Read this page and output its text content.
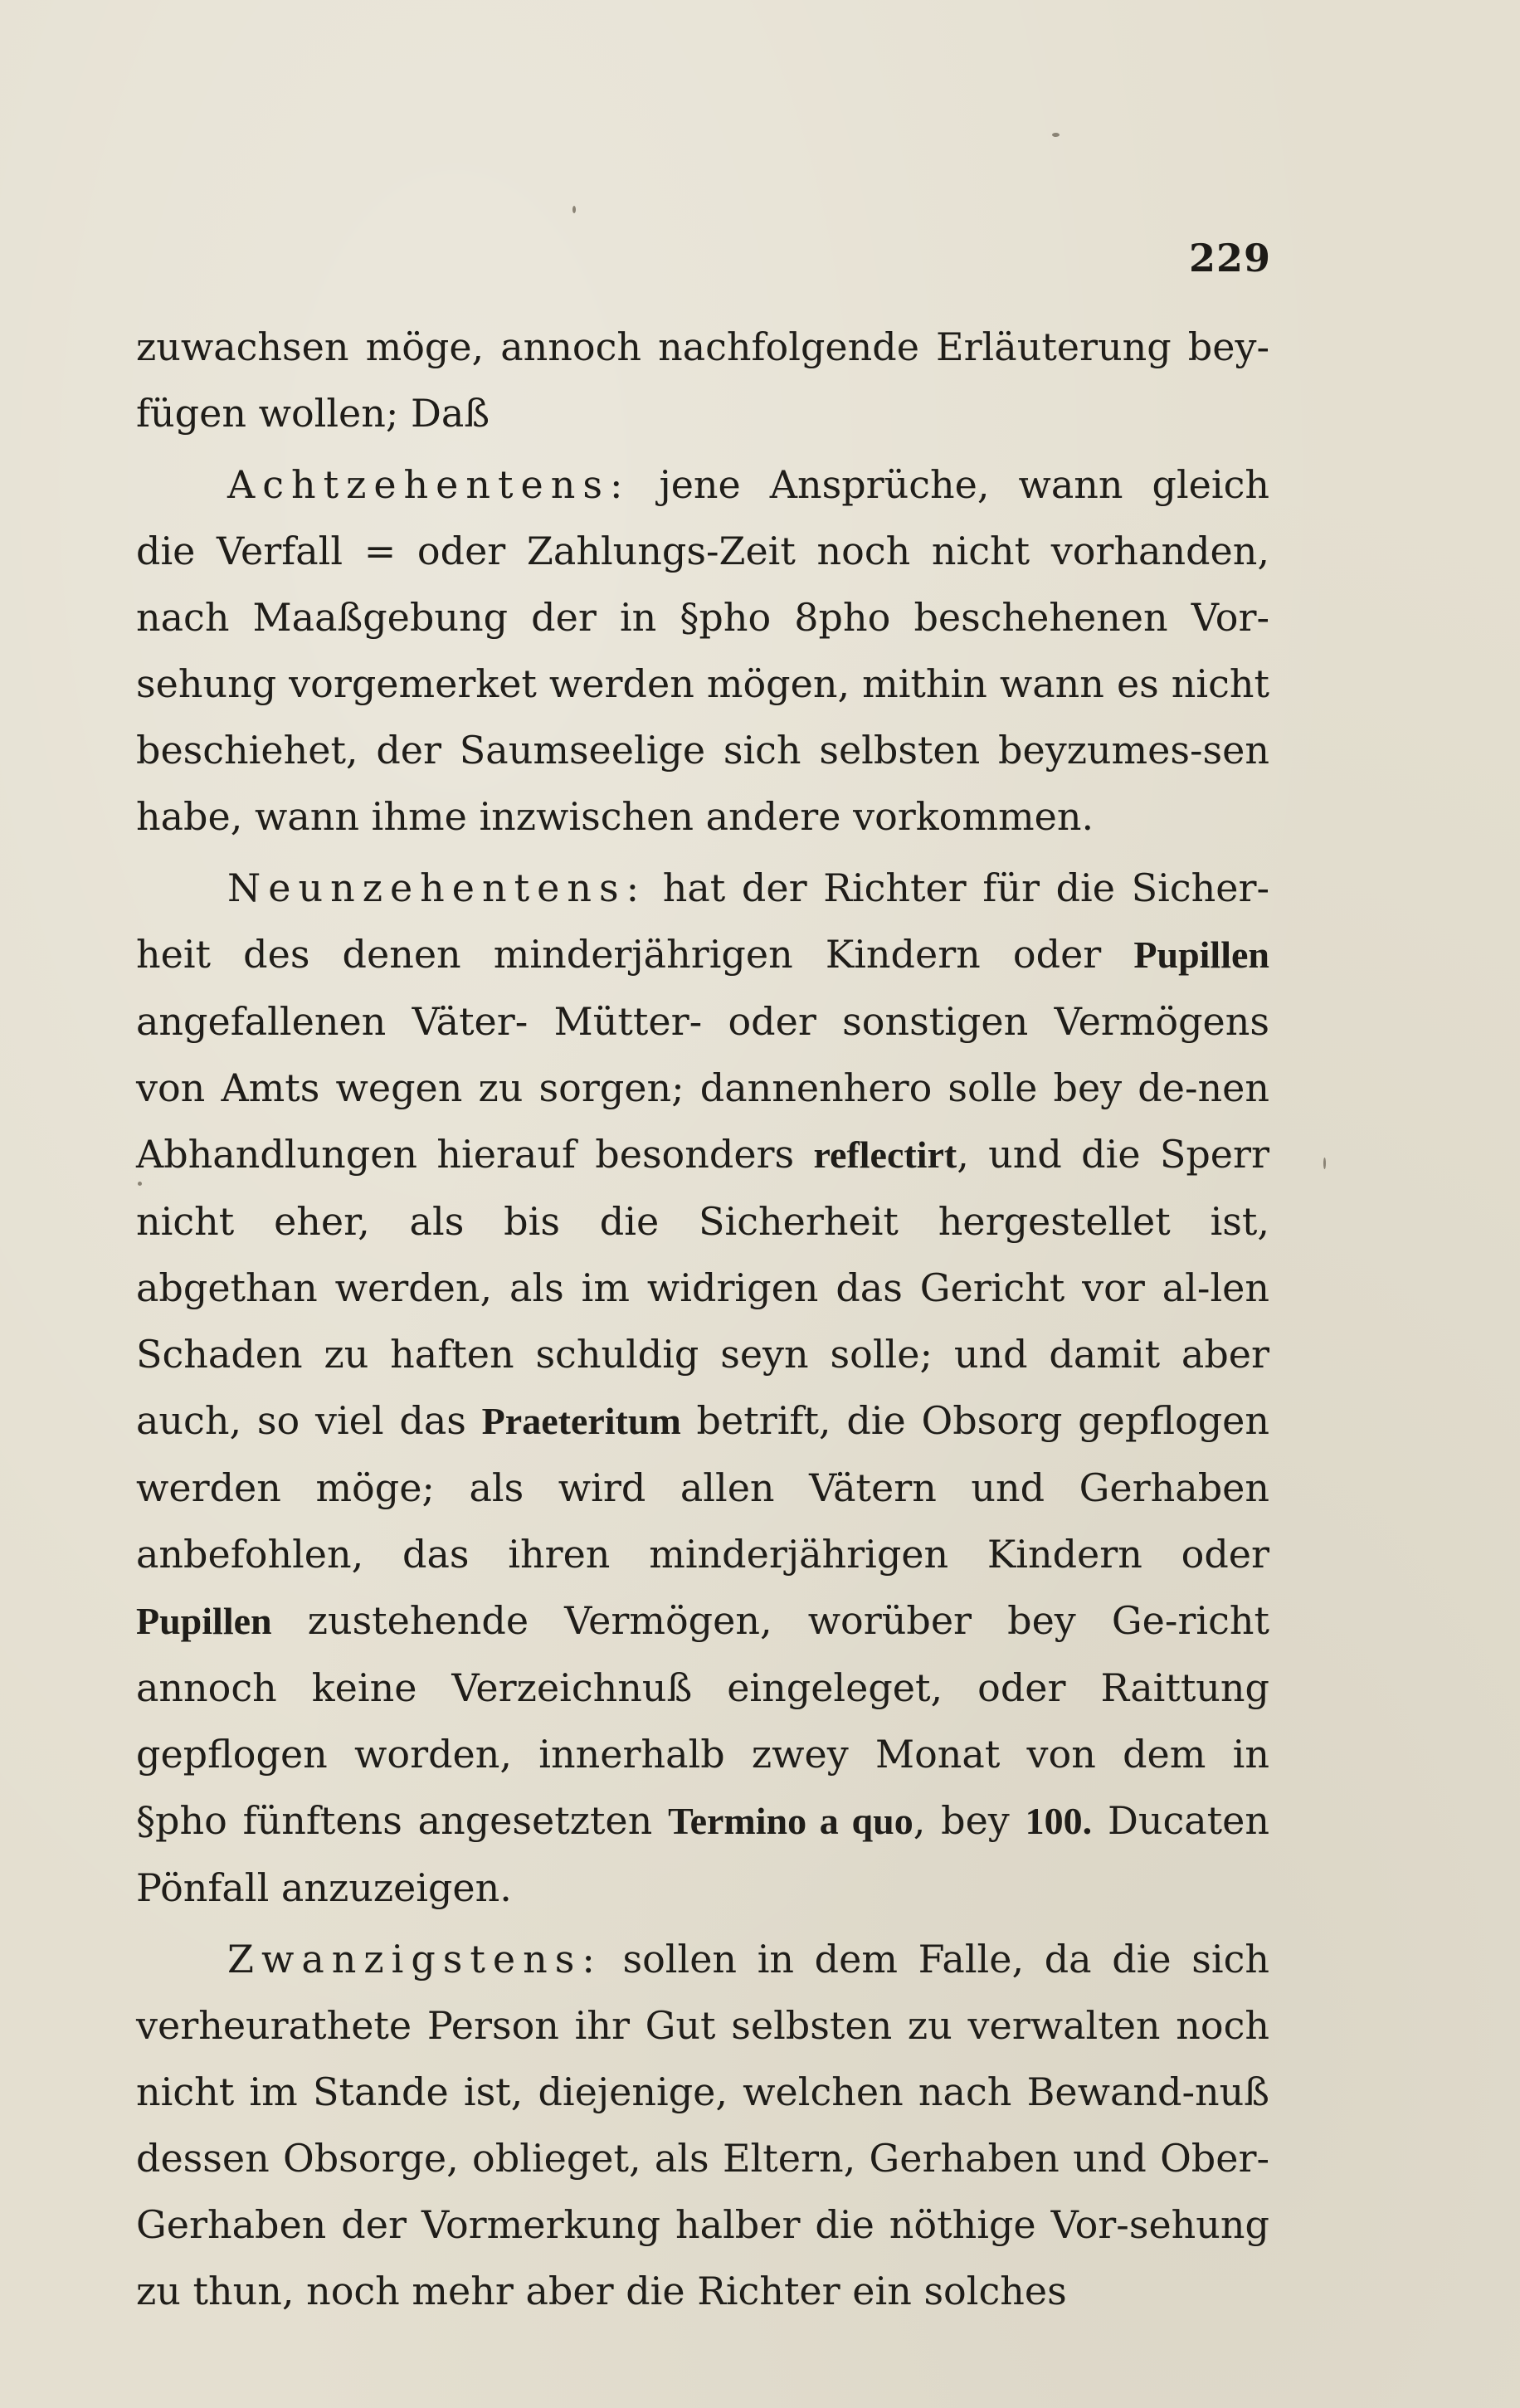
229

zuwachsen möge, annoch nachfolgende Erläuterung bey-fügen wollen; Daß

Achtzehentens: jene Ansprüche, wann gleich die Verfall = oder Zahlungs-Zeit noch nicht vorhanden, nach Maaßgebung der in §pho 8pho beschehenen Vor-sehung vorgemerket werden mögen, mithin wann es nicht beschiehet, der Saumseelige sich selbsten beyzumes-sen habe, wann ihme inzwischen andere vorkommen.

Neunzehentens: hat der Richter für die Sicher-heit des denen minderjährigen Kindern oder Pupillen angefallenen Väter- Mütter- oder sonstigen Vermögens von Amts wegen zu sorgen; dannenhero solle bey de-nen Abhandlungen hierauf besonders reflectirt, und die Sperr nicht eher, als bis die Sicherheit hergestellet ist, abgethan werden, als im widrigen das Gericht vor al-len Schaden zu haften schuldig seyn solle; und damit aber auch, so viel das Praeteritum betrift, die Obsorg gepflogen werden möge; als wird allen Vätern und Gerhaben anbefohlen, das ihren minderjährigen Kindern oder Pupillen zustehende Vermögen, worüber bey Ge-richt annoch keine Verzeichnuß eingeleget, oder Raittung gepflogen worden, innerhalb zwey Monat von dem in §pho fünftens angesetzten Termino a quo, bey 100. Ducaten Pönfall anzuzeigen.

Zwanzigstens: sollen in dem Falle, da die sich verheurathete Person ihr Gut selbsten zu verwalten noch nicht im Stande ist, diejenige, welchen nach Bewand-nuß dessen Obsorge, oblieget, als Eltern, Gerhaben und Ober-Gerhaben der Vormerkung halber die nöthige Vor-sehung zu thun, noch mehr aber die Richter ein solches
